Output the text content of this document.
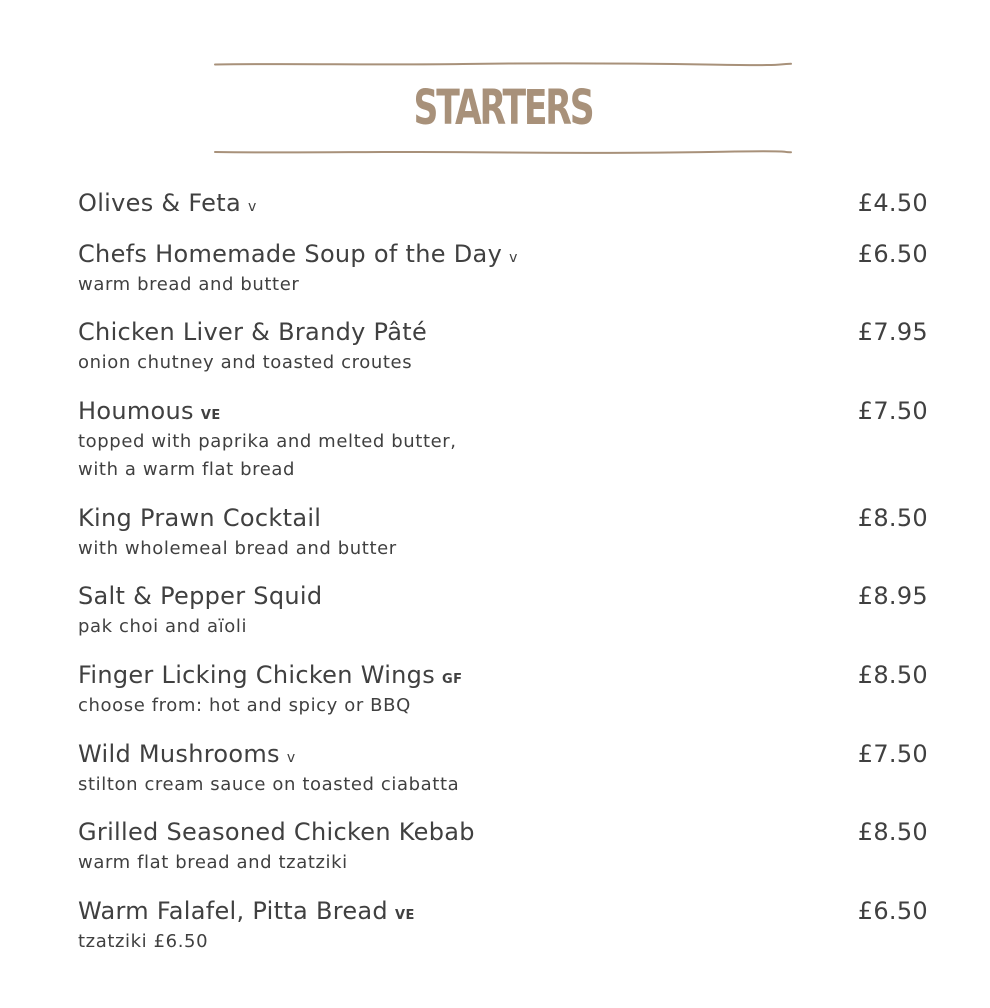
STARTERS
Olives & Feta v	£4.50
Chefs Homemade Soup of the Day v	£6.50
warm bread and butter
Chicken Liver & Brandy Pâté	£7.95
onion chutney and toasted croutes
Houmous VE	£7.50
topped with paprika and melted butter,
with a warm flat bread
King Prawn Cocktail	£8.50
with wholemeal bread and butter
Salt & Pepper Squid	£8.95
pak choi and aïoli
Finger Licking Chicken Wings GF	£8.50
choose from: hot and spicy or BBQ
Wild Mushrooms v	£7.50
stilton cream sauce on toasted ciabatta
Grilled Seasoned Chicken Kebab	£8.50
warm flat bread and tzatziki
Warm Falafel, Pitta Bread VE	£6.50
tzatziki £6.50
